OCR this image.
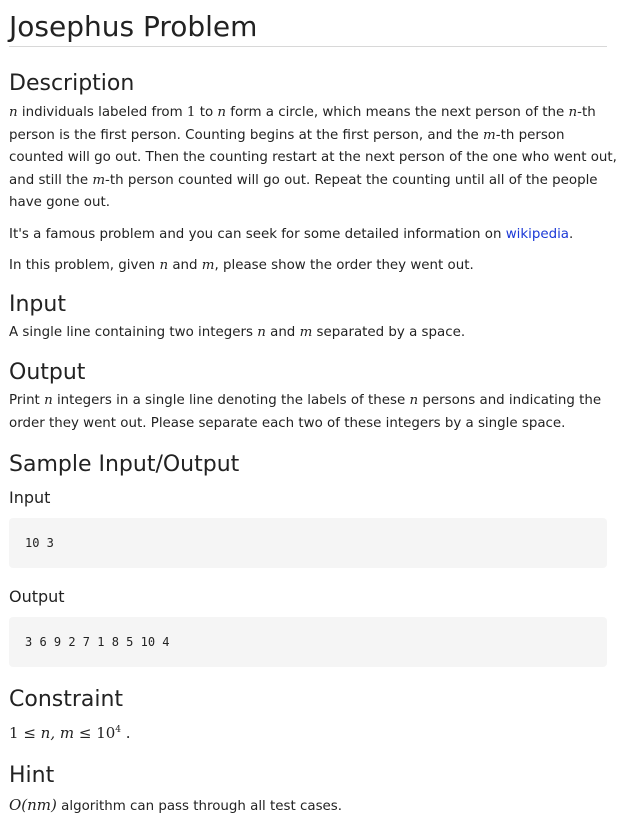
Josephus Problem
Description

n individuals labeled from 1 to n form a circle, which means the next person of the n-th person is the first person. Counting begins at the first person, and the m-th person counted will go out. Then the counting restart at the next person of the one who went out, and still the m-th person counted will go out. Repeat the counting until all of the people have gone out.

It's a famous problem and you can seek for some detailed information on wikipedia.

In this problem, given n and m, please show the order they went out.

Input

A single line containing two integers n and m separated by a space.

Output

Print n integers in a single line denoting the labels of these n persons and indicating the order they went out. Please separate each two of these integers by a single space.

Sample Input/Output
Input
10 3
Output
3 6 9 2 7 1 8 5 10 4
Constraint

1 ≤ n, $m \le 10^4$ .

Hint

O(nm) algorithm can pass through all test cases.
